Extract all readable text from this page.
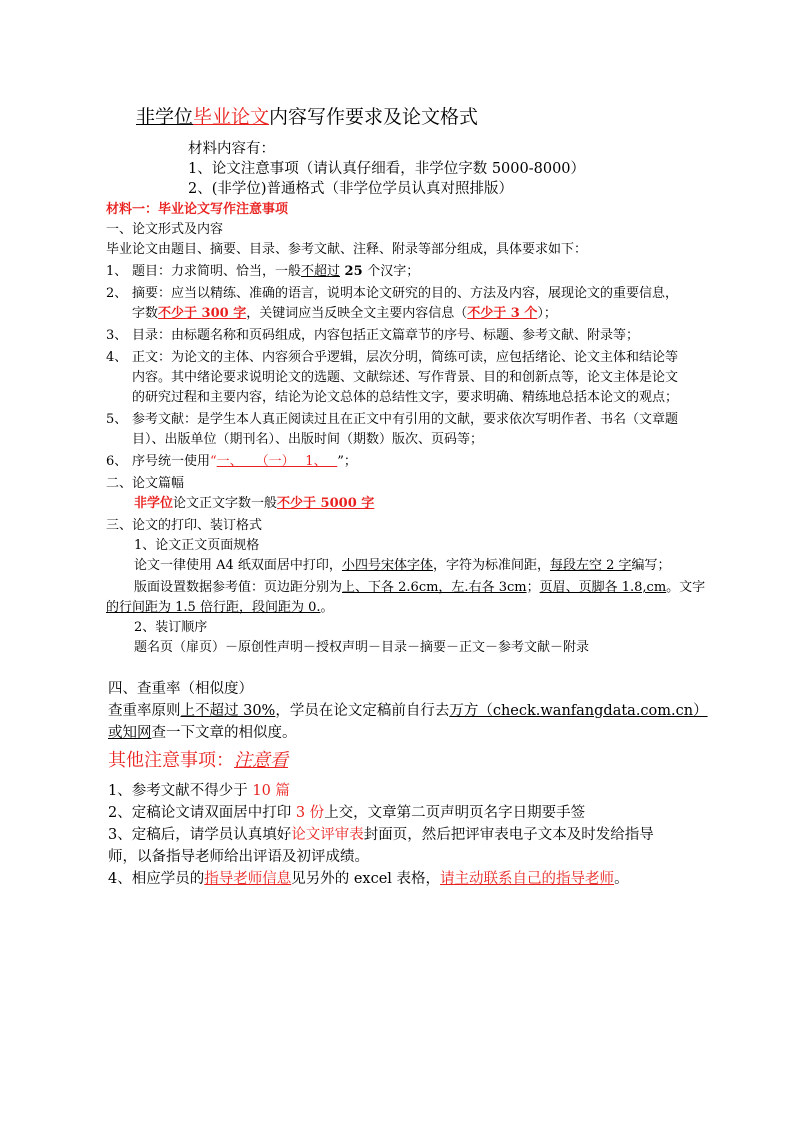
非学位毕业论文内容写作要求及论文格式
材料内容有：
1、论文注意事项（请认真仔细看，非学位字数 5000-8000）
2、(非学位)普通格式（非学位学员认真对照排版）
材料一：毕业论文写作注意事项
一、论文形式及内容
毕业论文由题目、摘要、目录、参考文献、注释、附录等部分组成，具体要求如下：
1、 题目：力求简明、恰当，一般不超过 25 个汉字；
2、 摘要：应当以精练、准确的语言，说明本论文研究的目的、方法及内容，展现论文的重要信息，
字数不少于 300 字，关键词应当反映全文主要内容信息（不少于 3 个）；
3、 目录：由标题名称和页码组成，内容包括正文篇章节的序号、标题、参考文献、附录等；
4、 正文：为论文的主体、内容须合乎逻辑，层次分明，简练可读，应包括绪论、论文主体和结论等
内容。其中绪论要求说明论文的选题、文献综述、写作背景、目的和创新点等，论文主体是论文
的研究过程和主要内容，结论为论文总体的总结性文字，要求明确、精练地总括本论文的观点；
5、 参考文献：是学生本人真正阅读过且在正文中有引用的文献，要求依次写明作者、书名（文章题
目）、出版单位（期刊名）、出版时间（期数）版次、页码等；
6、 序号统一使用“一、　　（一）　 1、　 ”；
二、论文篇幅
非学位论文正文字数一般不少于 5000 字
三、论文的打印、装订格式
1、论文正文页面规格
论文一律使用 A4 纸双面居中打印，小四号宋体字体，字符为标准间距，每段左空 2 字编写；
版面设置数据参考值：页边距分别为上、下各 2.6cm，左.右各 3cm；页眉、页脚各 1.8,cm。文字
的行间距为 1.5 倍行距，段间距为 0.。
2、装订顺序
题名页（扉页）－原创性声明－授权声明－目录－摘要－正文－参考文献－附录
四、查重率（相似度）
查重率原则上不超过 30%，学员在论文定稿前自行去万方（check.wanfangdata.com.cn）
或知网查一下文章的相似度。
其他注意事项：注意看
1、参考文献不得少于 10 篇
2、定稿论文请双面居中打印 3 份上交，文章第二页声明页名字日期要手签
3、定稿后，请学员认真填好论文评审表封面页，然后把评审表电子文本及时发给指导
师，以备指导老师给出评语及初评成绩。
4、相应学员的指导老师信息见另外的 excel 表格，请主动联系自己的指导老师。
